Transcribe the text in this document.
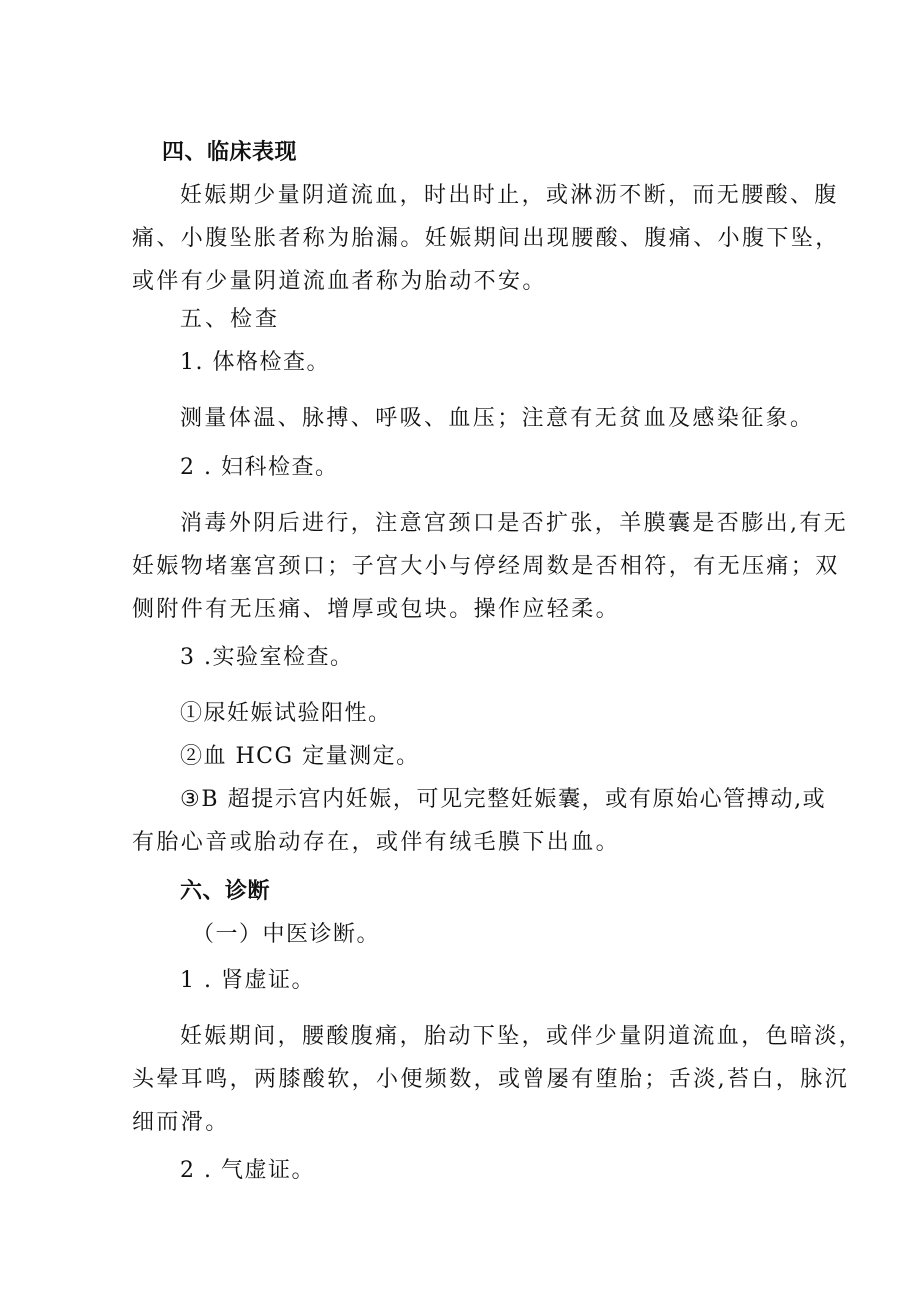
四、临床表现
妊娠期少量阴道流血，时出时止，或淋沥不断，而无腰酸、腹
痛、小腹坠胀者称为胎漏。妊娠期间出现腰酸、腹痛、小腹下坠，
或伴有少量阴道流血者称为胎动不安。
五、检查
1. 体格检查。
测量体温、脉搏、呼吸、血压；注意有无贫血及感染征象。
2 . 妇科检查。
消毒外阴后进行，注意宫颈口是否扩张，羊膜囊是否膨出,有无
妊娠物堵塞宫颈口；子宫大小与停经周数是否相符，有无压痛；双
侧附件有无压痛、增厚或包块。操作应轻柔。
3 .实验室检查。
①尿妊娠试验阳性。
②血 HCG 定量测定。
③B 超提示宫内妊娠，可见完整妊娠囊，或有原始心管搏动,或
有胎心音或胎动存在，或伴有绒毛膜下出血。
六、诊断
（一）中医诊断。
1 . 肾虚证。
妊娠期间，腰酸腹痛，胎动下坠，或伴少量阴道流血，色暗淡，
头晕耳鸣，两膝酸软，小便频数，或曾屡有堕胎；舌淡,苔白，脉沉
细而滑。
2 . 气虚证。
